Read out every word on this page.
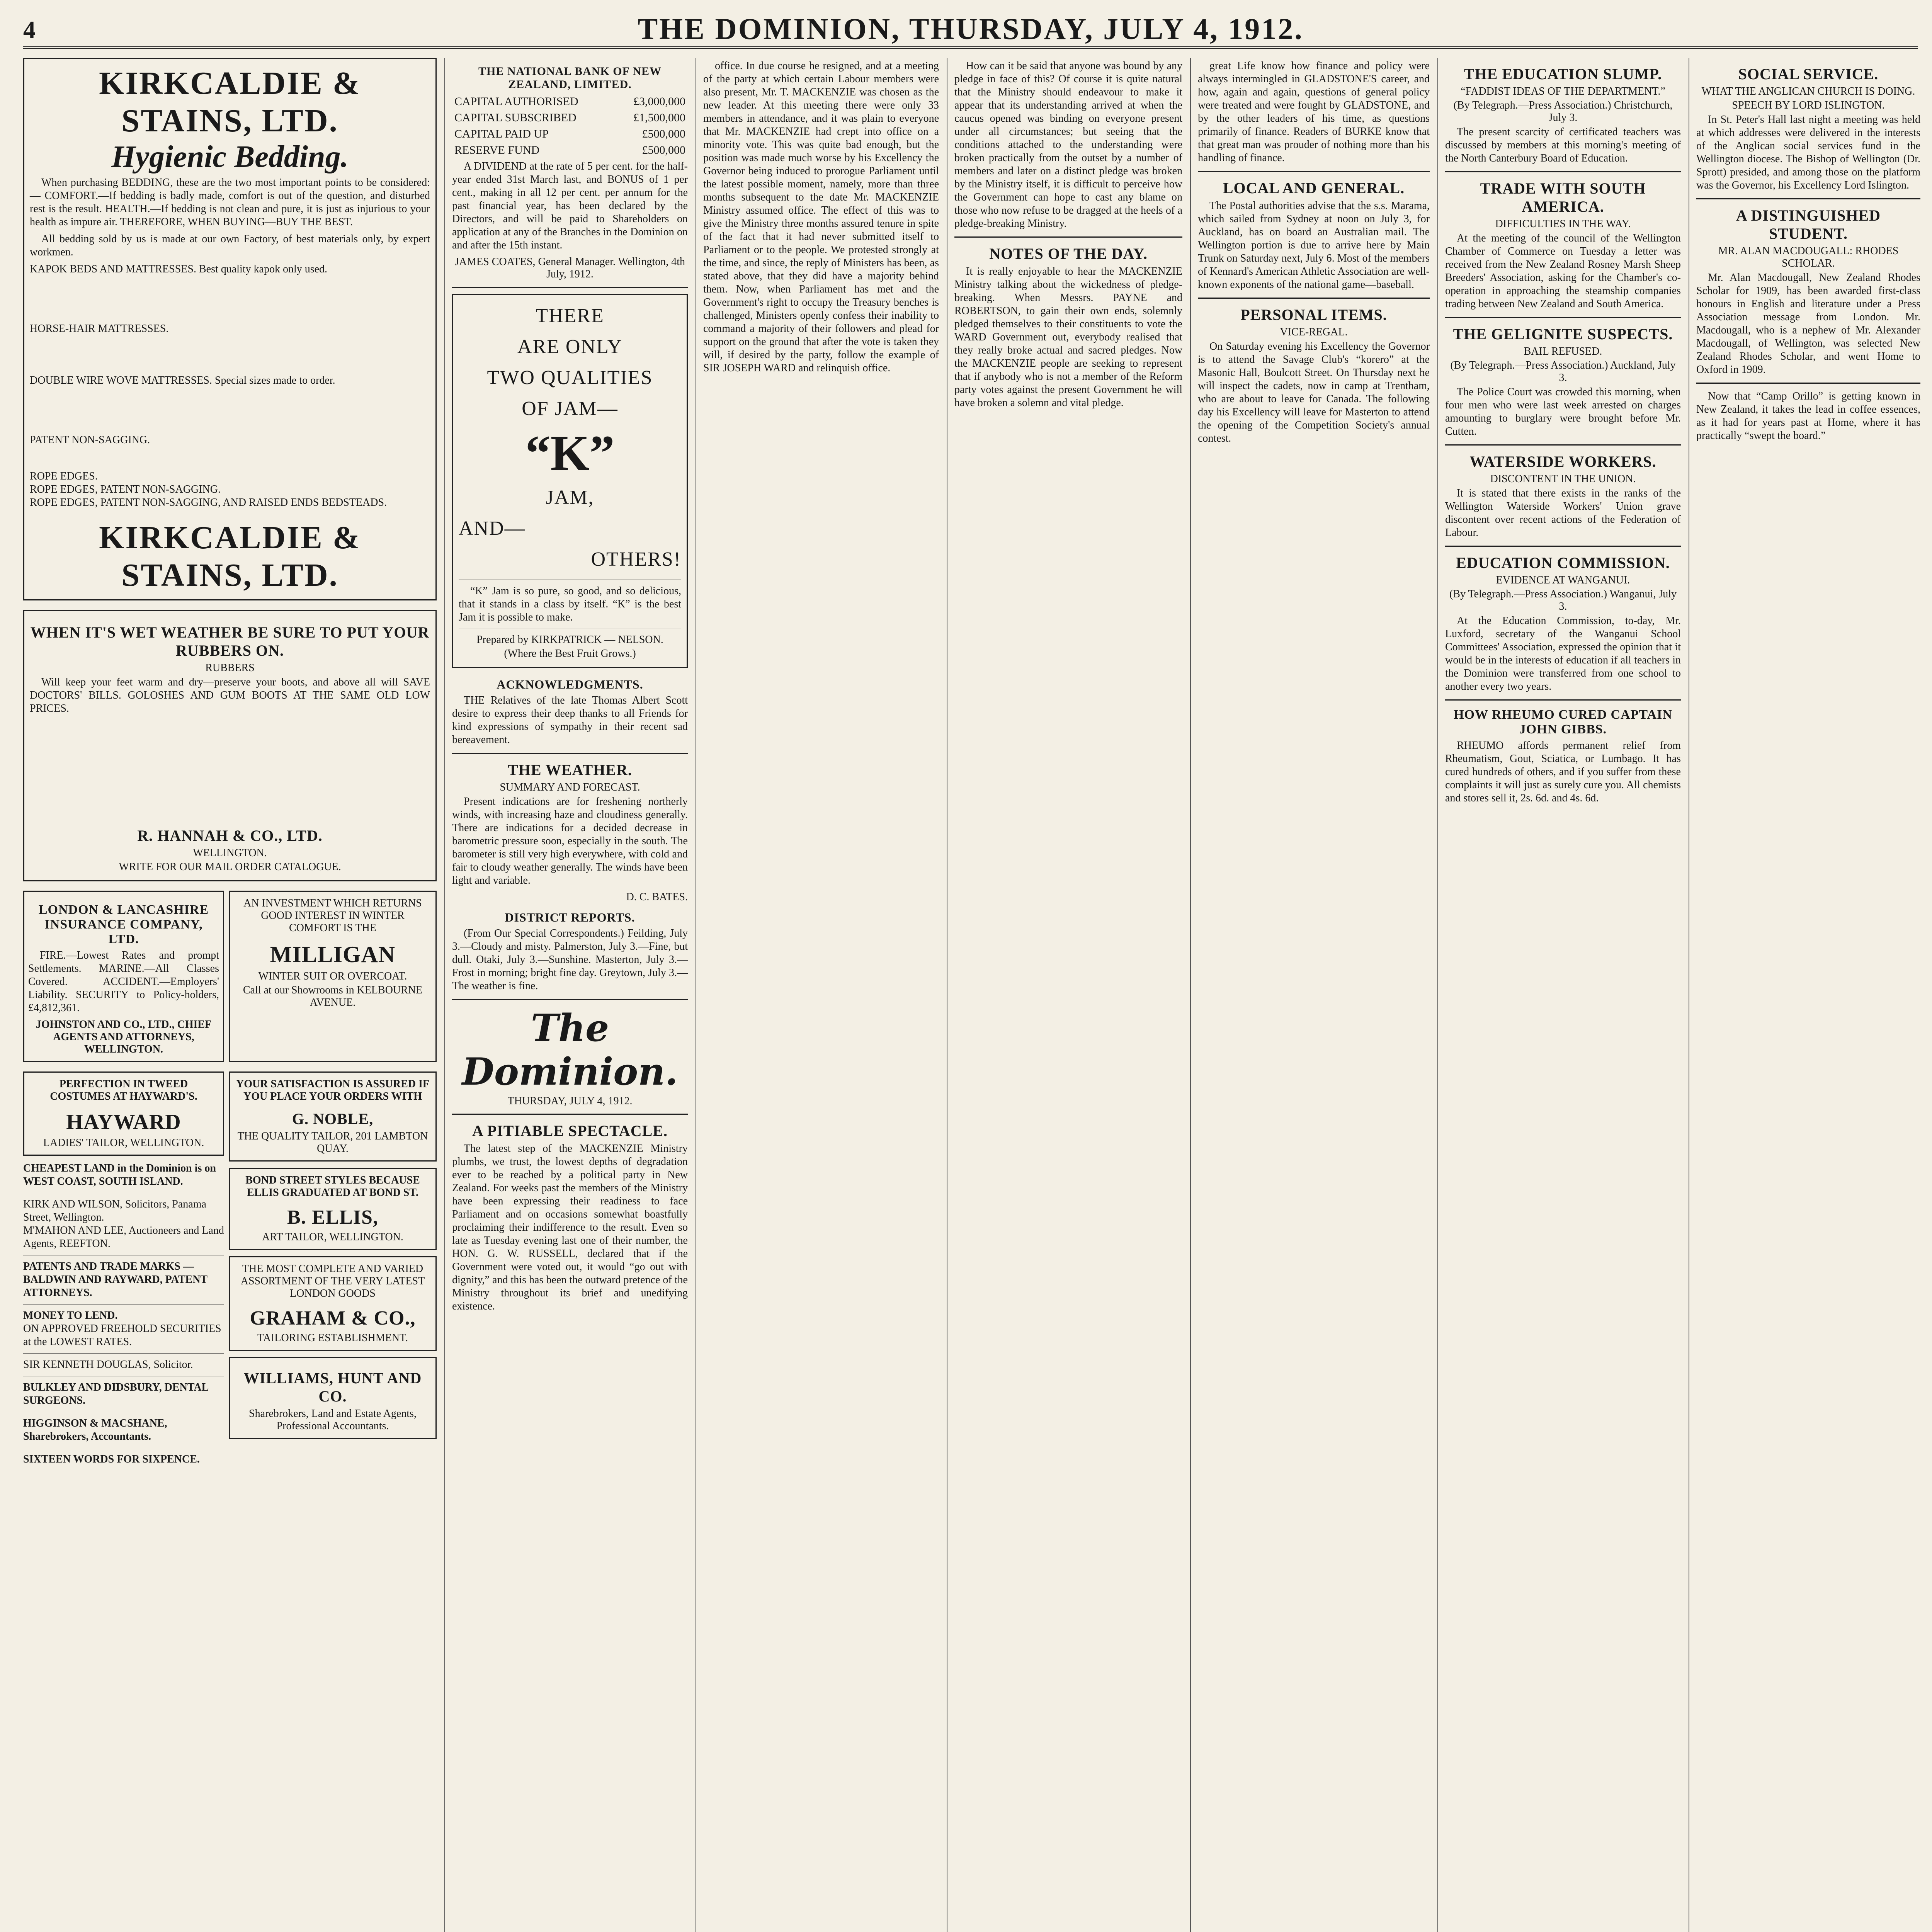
4	THE DOMINION, THURSDAY, JULY 4, 1912.
KIRKCALDIE & STAINS, LTD.
Hygienic Bedding.
When purchasing BEDDING, these are the two most important points to be considered:— COMFORT.—If bedding is badly made, comfort is out of the question, and disturbed rest is the result. HEALTH.—If bedding is not clean and pure, it is just as injurious to your health as impure air. THEREFORE, WHEN BUYING—BUY THE BEST.
All bedding sold by us is made at our own Factory, of best materials only, by expert workmen.
KAPOK BEDS AND MATTRESSES. Best quality kapok only used.
HORSE-HAIR MATTRESSES.
DOUBLE WIRE WOVE MATTRESSES. Special sizes made to order.
PATENT NON-SAGGING.
ROPE EDGES.
ROPE EDGES, PATENT NON-SAGGING.
ROPE EDGES, PATENT NON-SAGGING, AND RAISED ENDS BEDSTEADS.
KIRKCALDIE & STAINS, LTD.
WHEN IT'S WET WEATHER BE SURE TO PUT YOUR RUBBERS ON.
RUBBERS
Will keep your feet warm and dry—preserve your boots, and above all will SAVE DOCTORS' BILLS. GOLOSHES AND GUM BOOTS AT THE SAME OLD LOW PRICES.
R. HANNAH & CO., LTD.
WELLINGTON.
WRITE FOR OUR MAIL ORDER CATALOGUE.
LONDON & LANCASHIRE INSURANCE COMPANY, LTD.
FIRE.—Lowest Rates and prompt Settlements. MARINE.—All Classes Covered. ACCIDENT.—Employers' Liability. SECURITY to Policy-holders, £4,812,361.
JOHNSTON AND CO., LTD., CHIEF AGENTS AND ATTORNEYS, WELLINGTON.
AN INVESTMENT WHICH RETURNS GOOD INTEREST IN WINTER COMFORT IS THE
MILLIGAN
WINTER SUIT OR OVERCOAT.
Call at our Showrooms in KELBOURNE AVENUE.
PERFECTION IN TWEED COSTUMES AT HAYWARD'S.
HAYWARD
LADIES' TAILOR, WELLINGTON.
CHEAPEST LAND in the Dominion is on WEST COAST, SOUTH ISLAND.
KIRK AND WILSON, Solicitors, Panama Street, Wellington.
M'MAHON AND LEE, Auctioneers and Land Agents, REEFTON.
PATENTS AND TRADE MARKS — BALDWIN AND RAYWARD, PATENT ATTORNEYS.
MONEY TO LEND.
ON APPROVED FREEHOLD SECURITIES at the LOWEST RATES.
SIR KENNETH DOUGLAS, Solicitor.
BULKLEY AND DIDSBURY, DENTAL SURGEONS.
HIGGINSON & MACSHANE, Sharebrokers, Accountants.
SIXTEEN WORDS FOR SIXPENCE.
YOUR SATISFACTION IS ASSURED IF YOU PLACE YOUR ORDERS WITH
G. NOBLE,
THE QUALITY TAILOR, 201 LAMBTON QUAY.
BOND STREET STYLES BECAUSE ELLIS GRADUATED AT BOND ST.
B. ELLIS,
ART TAILOR, WELLINGTON.
THE MOST COMPLETE AND VARIED ASSORTMENT OF THE VERY LATEST LONDON GOODS
GRAHAM & CO.,
TAILORING ESTABLISHMENT.
WILLIAMS, HUNT AND CO.
Sharebrokers, Land and Estate Agents, Professional Accountants.
THE NATIONAL BANK OF NEW ZEALAND, LIMITED.
CAPITAL AUTHORISED	£3,000,000
CAPITAL SUBSCRIBED	£1,500,000
CAPITAL PAID UP	£500,000
RESERVE FUND	£500,000
A DIVIDEND at the rate of 5 per cent. for the half-year ended 31st March last, and BONUS of 1 per cent., making in all 12 per cent. per annum for the past financial year, has been declared by the Directors, and will be paid to Shareholders on application at any of the Branches in the Dominion on and after the 15th instant.
JAMES COATES, General Manager. Wellington, 4th July, 1912.
THERE
ARE ONLY
TWO QUALITIES
OF JAM—
“K”
JAM,
AND—
OTHERS!
“K” Jam is so pure, so good, and so delicious, that it stands in a class by itself. “K” is the best Jam it is possible to make.
Prepared by KIRKPATRICK — NELSON.
(Where the Best Fruit Grows.)
ACKNOWLEDGMENTS.
THE Relatives of the late Thomas Albert Scott desire to express their deep thanks to all Friends for kind expressions of sympathy in their recent sad bereavement.
THE WEATHER.
SUMMARY AND FORECAST.
Present indications are for freshening northerly winds, with increasing haze and cloudiness generally. There are indications for a decided decrease in barometric pressure soon, especially in the south. The barometer is still very high everywhere, with cold and fair to cloudy weather generally. The winds have been light and variable.
D. C. BATES.
DISTRICT REPORTS.
(From Our Special Correspondents.) Feilding, July 3.—Cloudy and misty. Palmerston, July 3.—Fine, but dull. Otaki, July 3.—Sunshine. Masterton, July 3.—Frost in morning; bright fine day. Greytown, July 3.—The weather is fine.
The Dominion.
THURSDAY, JULY 4, 1912.
A PITIABLE SPECTACLE.
The latest step of the MACKENZIE Ministry plumbs, we trust, the lowest depths of degradation ever to be reached by a political party in New Zealand. For weeks past the members of the Ministry have been expressing their readiness to face Parliament and on occasions somewhat boastfully proclaiming their indifference to the result. Even so late as Tuesday evening last one of their number, the HON. G. W. RUSSELL, declared that if the Government were voted out, it would “go out with dignity,” and this has been the outward pretence of the Ministry throughout its brief and unedifying existence.
office. In due course he resigned, and at a meeting of the party at which certain Labour members were also present, Mr. T. MACKENZIE was chosen as the new leader. At this meeting there were only 33 members in attendance, and it was plain to everyone that Mr. MACKENZIE had crept into office on a minority vote. This was quite bad enough, but the position was made much worse by his Excellency the Governor being induced to prorogue Parliament until the latest possible moment, namely, more than three months subsequent to the date Mr. MACKENZIE Ministry assumed office. The effect of this was to give the Ministry three months assured tenure in spite of the fact that it had never submitted itself to Parliament or to the people. We protested strongly at the time, and since, the reply of Ministers has been, as stated above, that they did have a majority behind them. Now, when Parliament has met and the Government's right to occupy the Treasury benches is challenged, Ministers openly confess their inability to command a majority of their followers and plead for support on the ground that after the vote is taken they will, if desired by the party, follow the example of SIR JOSEPH WARD and relinquish office.
How can it be said that anyone was bound by any pledge in face of this? Of course it is quite natural that the Ministry should endeavour to make it appear that its understanding arrived at when the caucus opened was binding on everyone present under all circumstances; but seeing that the conditions attached to the understanding were broken practically from the outset by a number of members and later on a distinct pledge was broken by the Ministry itself, it is difficult to perceive how the Government can hope to cast any blame on those who now refuse to be dragged at the heels of a pledge-breaking Ministry.
NOTES OF THE DAY.
It is really enjoyable to hear the MACKENZIE Ministry talking about the wickedness of pledge-breaking. When Messrs. PAYNE and ROBERTSON, to gain their own ends, solemnly pledged themselves to their constituents to vote the WARD Government out, everybody realised that they really broke actual and sacred pledges. Now the MACKENZIE people are seeking to represent that if anybody who is not a member of the Reform party votes against the present Government he will have broken a solemn and vital pledge.
great Life know how finance and policy were always intermingled in GLADSTONE'S career, and how, again and again, questions of general policy were treated and were fought by GLADSTONE, and by the other leaders of his time, as questions primarily of finance. Readers of BURKE know that that great man was prouder of nothing more than his handling of finance.
LOCAL AND GENERAL.
The Postal authorities advise that the s.s. Marama, which sailed from Sydney at noon on July 3, for Auckland, has on board an Australian mail. The Wellington portion is due to arrive here by Main Trunk on Saturday next, July 6. Most of the members of Kennard's American Athletic Association are well-known exponents of the national game—baseball.
PERSONAL ITEMS.
VICE-REGAL.
On Saturday evening his Excellency the Governor is to attend the Savage Club's “korero” at the Masonic Hall, Boulcott Street. On Thursday next he will inspect the cadets, now in camp at Trentham, who are about to leave for Canada. The following day his Excellency will leave for Masterton to attend the opening of the Competition Society's annual contest.
THE EDUCATION SLUMP.
“FADDIST IDEAS OF THE DEPARTMENT.”
(By Telegraph.—Press Association.) Christchurch, July 3.
The present scarcity of certificated teachers was discussed by members at this morning's meeting of the North Canterbury Board of Education.
TRADE WITH SOUTH AMERICA.
DIFFICULTIES IN THE WAY.
At the meeting of the council of the Wellington Chamber of Commerce on Tuesday a letter was received from the New Zealand Rosney Marsh Sheep Breeders' Association, asking for the Chamber's co-operation in approaching the steamship companies trading between New Zealand and South America.
THE GELIGNITE SUSPECTS.
BAIL REFUSED.
(By Telegraph.—Press Association.) Auckland, July 3.
The Police Court was crowded this morning, when four men who were last week arrested on charges amounting to burglary were brought before Mr. Cutten.
WATERSIDE WORKERS.
DISCONTENT IN THE UNION.
It is stated that there exists in the ranks of the Wellington Waterside Workers' Union grave discontent over recent actions of the Federation of Labour.
EDUCATION COMMISSION.
EVIDENCE AT WANGANUI.
(By Telegraph.—Press Association.) Wanganui, July 3.
At the Education Commission, to-day, Mr. Luxford, secretary of the Wanganui School Committees' Association, expressed the opinion that it would be in the interests of education if all teachers in the Dominion were transferred from one school to another every two years.
HOW RHEUMO CURED CAPTAIN JOHN GIBBS.
RHEUMO affords permanent relief from Rheumatism, Gout, Sciatica, or Lumbago. It has cured hundreds of others, and if you suffer from these complaints it will just as surely cure you. All chemists and stores sell it, 2s. 6d. and 4s. 6d.
SOCIAL SERVICE.
WHAT THE ANGLICAN CHURCH IS DOING.
SPEECH BY LORD ISLINGTON.
In St. Peter's Hall last night a meeting was held at which addresses were delivered in the interests of the Anglican social services fund in the Wellington diocese. The Bishop of Wellington (Dr. Sprott) presided, and among those on the platform was the Governor, his Excellency Lord Islington.
A DISTINGUISHED STUDENT.
MR. ALAN MACDOUGALL: RHODES SCHOLAR.
Mr. Alan Macdougall, New Zealand Rhodes Scholar for 1909, has been awarded first-class honours in English and literature under a Press Association message from London. Mr. Macdougall, who is a nephew of Mr. Alexander Macdougall, of Wellington, was selected New Zealand Rhodes Scholar, and went Home to Oxford in 1909.
Now that “Camp Orillo” is getting known in New Zealand, it takes the lead in coffee essences, as it had for years past at Home, where it has practically “swept the board.”
